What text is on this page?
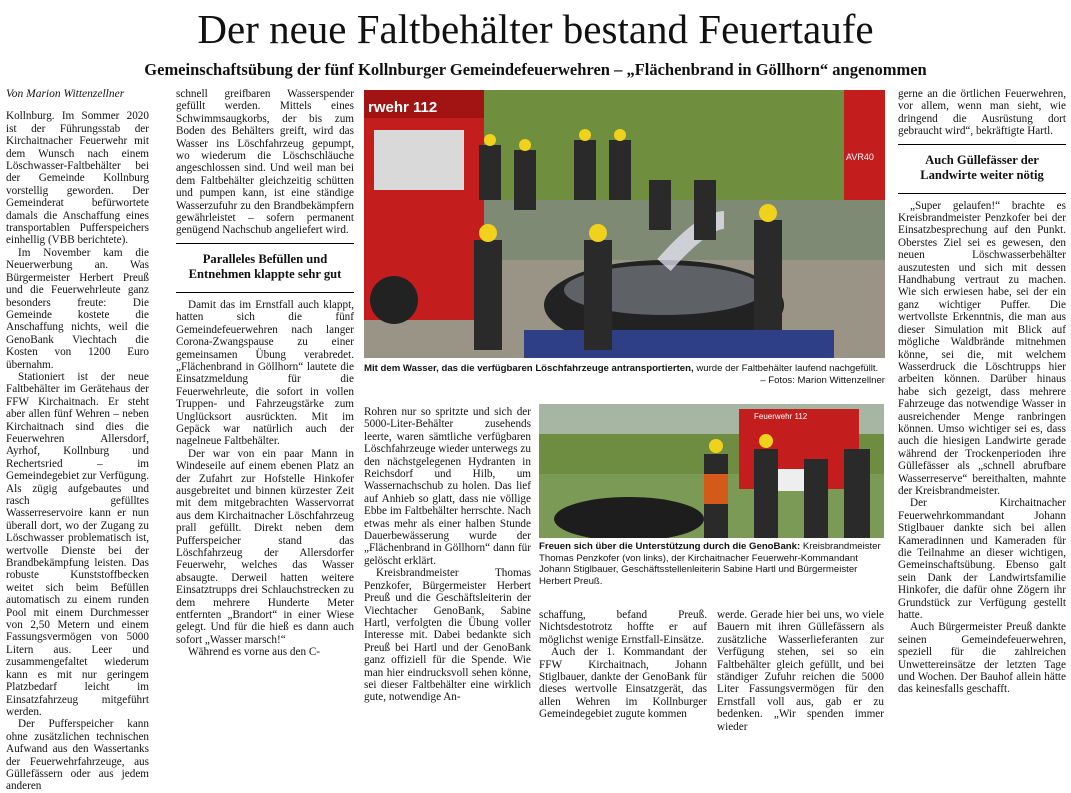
Der neue Faltbehälter bestand Feuertaufe
Gemeinschaftsübung der fünf Kollnburger Gemeindefeuerwehren – „Flächenbrand in Göllhorn“ angenommen

Von Marion Wittenzellner

Kollnburg. Im Sommer 2020 ist der Führungsstab der Kirchaitnacher Feuerwehr mit dem Wunsch nach einem Löschwasser-Faltbehälter bei der Gemeinde Kollnburg vorstellig geworden. Der Gemeinderat befürwortete damals die Anschaffung eines transportablen Pufferspeichers einhellig (VBB berichtete).

Im November kam die Neuerwerbung an. Was Bürgermeister Herbert Preuß und die Feuerwehrleute ganz besonders freute: Die Gemeinde kostete die Anschaffung nichts, weil die GenoBank Viechtach die Kosten von 1200 Euro übernahm.

Stationiert ist der neue Faltbehälter im Gerätehaus der FFW Kirchaitnach. Er steht aber allen fünf Wehren – neben Kirchaitnach sind dies die Feuerwehren Allersdorf, Ayrhof, Kollnburg und Rechertsried – im Gemeindegebiet zur Verfügung. Als zügig aufgebautes und rasch gefülltes Wasserreservoire kann er nun überall dort, wo der Zugang zu Löschwasser problematisch ist, wertvolle Dienste bei der Brandbekämpfung leisten. Das robuste Kunststoffbecken weitet sich beim Befüllen automatisch zu einem runden Pool mit einem Durchmesser von 2,50 Metern und einem Fassungsvermögen von 5000 Litern aus. Leer und zusammengefaltet wiederum kann es mit nur geringem Platzbedarf leicht im Einsatzfahrzeug mitgeführt werden.

Der Pufferspeicher kann ohne zusätzlichen technischen Aufwand aus den Wassertanks der Feuerwehrfahrzeuge, aus Güllefässern oder aus jedem anderen

schnell greifbaren Wasserspender gefüllt werden. Mittels eines Schwimmsaugkorbs, der bis zum Boden des Behälters greift, wird das Wasser ins Löschfahrzeug gepumpt, wo wiederum die Löschschläuche angeschlossen sind. Und weil man bei dem Faltbehälter gleichzeitig schütten und pumpen kann, ist eine ständige Wasserzufuhr zu den Brandbekämpfern gewährleistet – sofern permanent genügend Nachschub angeliefert wird.

Paralleles Befüllen und Entnehmen klappte sehr gut

Damit das im Ernstfall auch klappt, hatten sich die fünf Gemeindefeuerwehren nach langer Corona-Zwangspause zu einer gemeinsamen Übung verabredet. „Flächenbrand in Göllhorn“ lautete die Einsatzmeldung für die Feuerwehrleute, die sofort in vollen Truppen- und Fahrzeugstärke zum Unglücksort ausrückten. Mit im Gepäck war natürlich auch der nagelneue Faltbehälter.

Der war von ein paar Mann in Windeseile auf einem ebenen Platz an der Zufahrt zur Hofstelle Hinkofer ausgebreitet und binnen kürzester Zeit mit dem mitgebrachten Wasservorrat aus dem Kirchaitnacher Löschfahrzeug prall gefüllt. Direkt neben dem Pufferspeicher stand das Löschfahrzeug der Allersdorfer Feuerwehr, welches das Wasser absaugte. Derweil hatten weitere Einsatztrupps drei Schlauchstrecken zu dem mehrere Hunderte Meter entfernten „Brandort“ in einer Wiese gelegt. Und für die hieß es dann auch sofort „Wasser marsch!“

Während es vorne aus den C-

rwehr 112
AVR40
Mit dem Wasser, das die verfügbaren Löschfahrzeuge antransportierten, wurde der Faltbehälter laufend nachgefüllt.
– Fotos: Marion Wittenzellner

Rohren nur so spritzte und sich der 5000-Liter-Behälter zusehends leerte, waren sämtliche verfügbaren Löschfahrzeuge wieder unterwegs zu den nächstgelegenen Hydranten in Reichsdorf und Hilb, um Wassernachschub zu holen. Das lief auf Anhieb so glatt, dass nie völlige Ebbe im Faltbehälter herrschte. Nach etwas mehr als einer halben Stunde Dauerbewässerung wurde der „Flächenbrand in Göllhorn“ dann für gelöscht erklärt.

Kreisbrandmeister Thomas Penzkofer, Bürgermeister Herbert Preuß und die Geschäftsleiterin der Viechtacher GenoBank, Sabine Hartl, verfolgten die Übung voller Interesse mit. Dabei bedankte sich Preuß bei Hartl und der GenoBank ganz offiziell für die Spende. Wie man hier eindrucksvoll sehen könne, sei dieser Faltbehälter eine wirklich gute, notwendige An-

Feuerwehr 112
Freuen sich über die Unterstützung durch die GenoBank: Kreisbrandmeister Thomas Penzkofer (von links), der Kirchaitnacher Feuerwehr-Kommandant Johann Stiglbauer, Geschäftsstellenleiterin Sabine Hartl und Bürgermeister Herbert Preuß.

schaffung, befand Preuß. Nichtsdestotrotz hoffte er auf möglichst wenige Ernstfall-Einsätze.

Auch der 1. Kommandant der FFW Kirchaitnach, Johann Stiglbauer, dankte der GenoBank für dieses wertvolle Einsatzgerät, das allen Wehren im Kollnburger Gemeindegebiet zugute kommen

werde. Gerade hier bei uns, wo viele Bauern mit ihren Güllefässern als zusätzliche Wasserlieferanten zur Verfügung stehen, sei so ein Faltbehälter gleich gefüllt, und bei ständiger Zufuhr reichen die 5000 Liter Fassungsvermögen für den Ernstfall voll aus, gab er zu bedenken. „Wir spenden immer wieder

gerne an die örtlichen Feuerwehren, vor allem, wenn man sieht, wie dringend die Ausrüstung dort gebraucht wird“, bekräftigte Hartl.

Auch Güllefässer der Landwirte weiter nötig

„Super gelaufen!“ brachte es Kreisbrandmeister Penzkofer bei der Einsatzbesprechung auf den Punkt. Oberstes Ziel sei es gewesen, den neuen Löschwasserbehälter auszutesten und sich mit dessen Handhabung vertraut zu machen. Wie sich erwiesen habe, sei der ein ganz wichtiger Puffer. Die wertvollste Erkenntnis, die man aus dieser Simulation mit Blick auf mögliche Waldbrände mitnehmen könne, sei die, mit welchem Wasserdruck die Löschtrupps hier arbeiten können. Darüber hinaus habe sich gezeigt, dass mehrere Fahrzeuge das notwendige Wasser in ausreichender Menge ranbringen können. Umso wichtiger sei es, dass auch die hiesigen Landwirte gerade während der Trockenperioden ihre Güllefässer als „schnell abrufbare Wasserreserve“ bereithalten, mahnte der Kreisbrandmeister.

Der Kirchaitnacher Feuerwehrkommandant Johann Stiglbauer dankte sich bei allen Kameradinnen und Kameraden für die Teilnahme an dieser wichtigen, Gemeinschaftsübung. Ebenso galt sein Dank der Landwirtsfamilie Hinkofer, die dafür ohne Zögern ihr Grundstück zur Verfügung gestellt hatte.

Auch Bürgermeister Preuß dankte seinen Gemeindefeuerwehren, speziell für die zahlreichen Unwettereinsätze der letzten Tage und Wochen. Der Bauhof allein hätte das keinesfalls geschafft.
